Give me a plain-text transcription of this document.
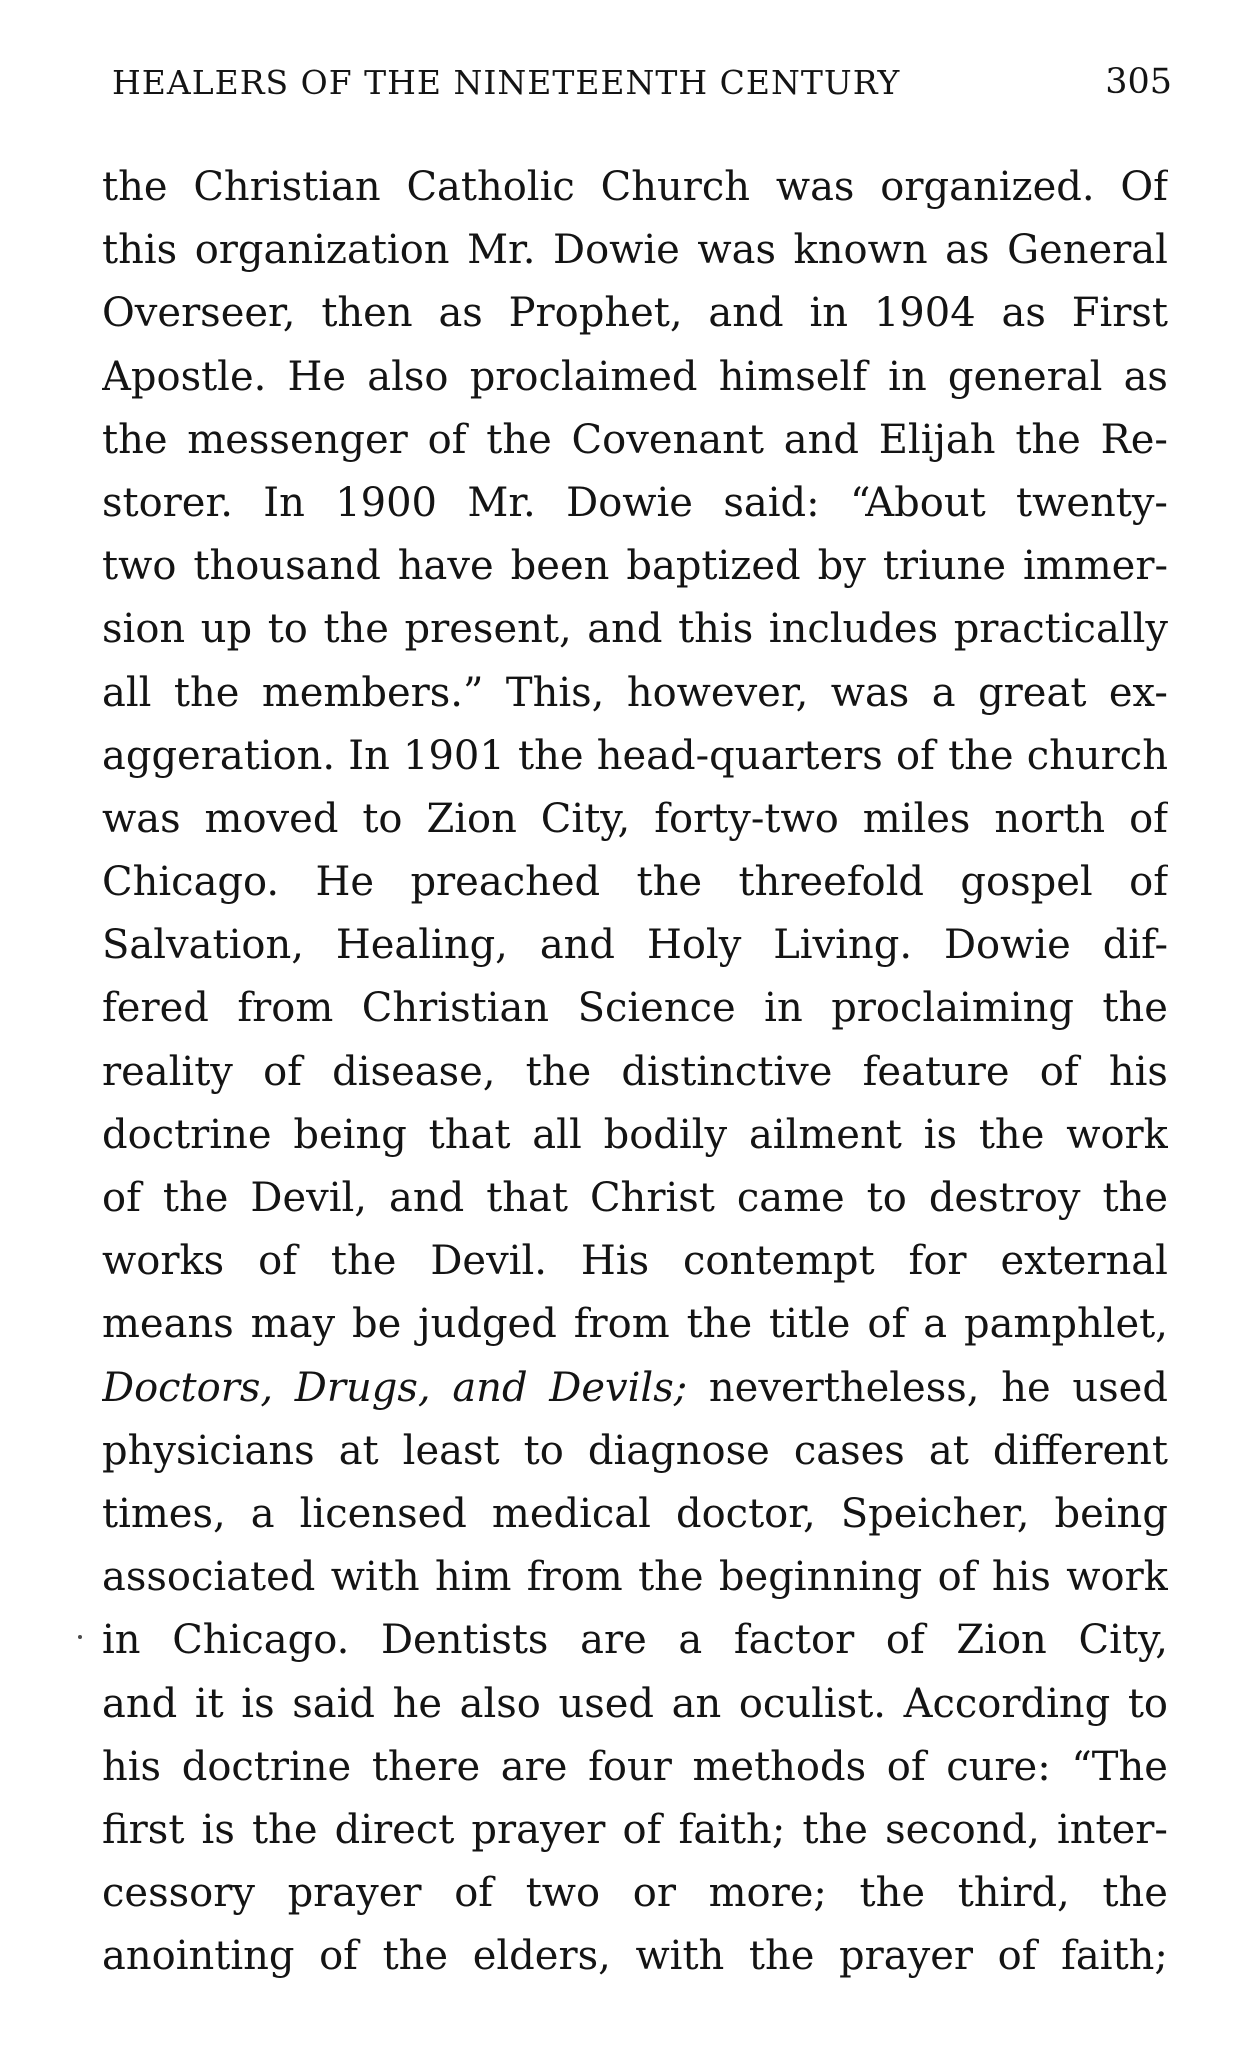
HEALERS OF THE NINETEENTH CENTURY	305
the Christian Catholic Church was organized. Of
this organization Mr. Dowie was known as General
Overseer, then as Prophet, and in 1904 as First
Apostle. He also proclaimed himself in general as
the messenger of the Covenant and Elijah the Re-
storer. In 1900 Mr. Dowie said: “About twenty-
two thousand have been baptized by triune immer-
sion up to the present, and this includes practically
all the members.” This, however, was a great ex-
aggeration. In 1901 the head-quarters of the church
was moved to Zion City, forty-two miles north of
Chicago. He preached the threefold gospel of
Salvation, Healing, and Holy Living. Dowie dif-
fered from Christian Science in proclaiming the
reality of disease, the distinctive feature of his
doctrine being that all bodily ailment is the work
of the Devil, and that Christ came to destroy the
works of the Devil. His contempt for external
means may be judged from the title of a pamphlet,
Doctors, Drugs, and Devils; nevertheless, he used
physicians at least to diagnose cases at different
times, a licensed medical doctor, Speicher, being
associated with him from the beginning of his work
in Chicago. Dentists are a factor of Zion City,
and it is said he also used an oculist. According to
his doctrine there are four methods of cure: “The
first is the direct prayer of faith; the second, inter-
cessory prayer of two or more; the third, the
anointing of the elders, with the prayer of faith;
